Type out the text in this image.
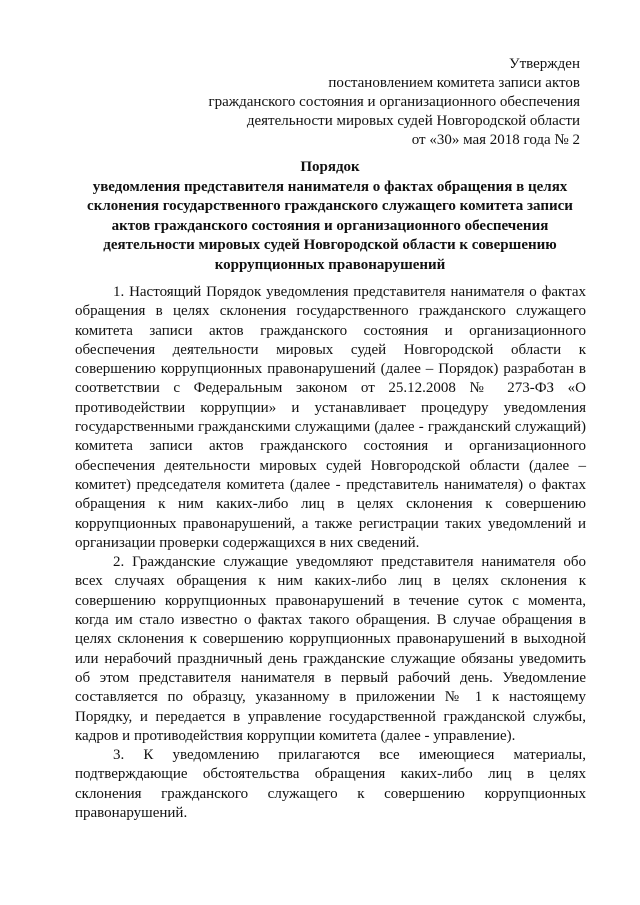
Утвержден
постановлением комитета записи актов
гражданского состояния и организационного обеспечения
деятельности мировых судей Новгородской области
от «30» мая 2018 года № 2
Порядок
уведомления представителя нанимателя о фактах обращения в целях
склонения государственного гражданского служащего комитета записи
актов гражданского состояния и организационного обеспечения
деятельности мировых судей Новгородской области к совершению
коррупционных правонарушений

1. Настоящий Порядок уведомления представителя нанимателя о фактах обращения в целях склонения государственного гражданского служащего комитета записи актов гражданского состояния и организационного обеспечения деятельности мировых судей Новгородской области к совершению коррупционных правонарушений (далее – Порядок) разработан в соответствии с Федеральным законом от 25.12.2008 № 273-ФЗ «О противодействии коррупции» и устанавливает процедуру уведомления государственными гражданскими служащими (далее - гражданский служащий) комитета записи актов гражданского состояния и организационного обеспечения деятельности мировых судей Новгородской области (далее – комитет) председателя комитета (далее - представитель нанимателя) о фактах обращения к ним каких-либо лиц в целях склонения к совершению коррупционных правонарушений, а также регистрации таких уведомлений и организации проверки содержащихся в них сведений.

2. Гражданские служащие уведомляют представителя нанимателя обо всех случаях обращения к ним каких-либо лиц в целях склонения к совершению коррупционных правонарушений в течение суток с момента, когда им стало известно о фактах такого обращения. В случае обращения в целях склонения к совершению коррупционных правонарушений в выходной или нерабочий праздничный день гражданские служащие обязаны уведомить об этом представителя нанимателя в первый рабочий день. Уведомление составляется по образцу, указанному в приложении № 1 к настоящему Порядку, и передается в управление государственной гражданской службы, кадров и противодействия коррупции комитета (далее - управление).

3. К уведомлению прилагаются все имеющиеся материалы, подтверждающие обстоятельства обращения каких-либо лиц в целях склонения гражданского служащего к совершению коррупционных правонарушений.
